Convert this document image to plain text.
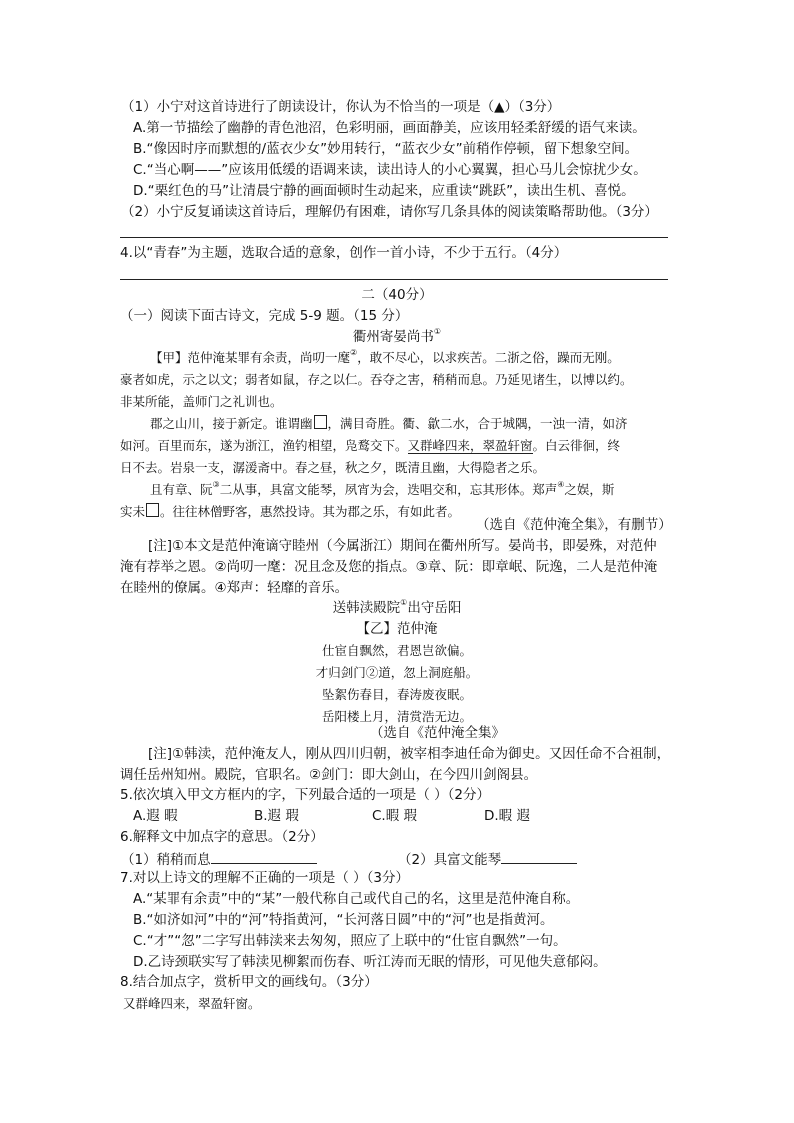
（1）小宁对这首诗进行了朗读设计，你认为不恰当的一项是（▲）（3分）
A.第一节描绘了幽静的青色池沼，色彩明丽，画面静美，应该用轻柔舒缓的语气来读。
B.“像因时序而默想的/蓝衣少女”妙用转行，“蓝衣少女”前稍作停顿，留下想象空间。
C.“当心啊——”应该用低缓的语调来读，读出诗人的小心翼翼，担心马儿会惊扰少女。
D.“栗红色的马”让清晨宁静的画面顿时生动起来，应重读“跳跃”，读出生机、喜悦。
（2）小宁反复诵读这首诗后，理解仍有困难，请你写几条具体的阅读策略帮助他。（3分）
4.以“青春”为主题，选取合适的意象，创作一首小诗，不少于五行。（4分）
二（40分）
（一）阅读下面古诗文，完成 5-9 题。（15 分）
衢州寄晏尚书①
【甲】范仲淹某罪有余责，尚叨一麾②，敢不尽心，以求疾苦。二浙之俗，躁而无刚。
豪者如虎，示之以文；弱者如鼠，存之以仁。吞夺之害，稍稍而息。乃延见诸生，以博以约。
非某所能，盖师门之礼训也。
郡之山川，接于新定。谁谓幽 ，满目奇胜。衢、歙二水，合于城隅，一浊一清，如济
如河。百里而东，遂为浙江，渔钓相望，凫鹜交下。又群峰四来，翠盈轩窗。白云徘徊，终
日不去。岩泉一支，潺湲斋中。春之昼，秋之夕，既清且幽，大得隐者之乐。
且有章、阮③二从事，具富文能琴，夙宵为会，迭唱交和，忘其形体。郑声④之娱，斯
实未 。往往林僧野客，惠然投诗。其为郡之乐，有如此者。
（选自《范仲淹全集》，有删节）
[注]①本文是范仲淹谪守睦州（今属浙江）期间在衢州所写。晏尚书，即晏殊，对范仲
淹有荐举之恩。②尚叨一麾：况且念及您的指点。③章、阮：即章岷、阮逸，二人是范仲淹
在睦州的僚属。④郑声：轻靡的音乐。
送韩渎殿院①出守岳阳
【乙】范仲淹
仕宦自飘然，君恩岂欲偏。
才归剑门②道，忽上洞庭船。
坠絮伤春目，春涛废夜眠。
岳阳楼上月，清赏浩无边。
（选自《范仲淹全集》
[注]①韩渎，范仲淹友人，刚从四川归朝，被宰相李迪任命为御史。又因任命不合祖制，
调任岳州知州。殿院，官职名。②剑门：即大剑山，在今四川剑阁县。
5.依次填入甲文方框内的字，下列最合适的一项是（ ）（2分）
A.遐 暇	B.遐 瑕	C.暇 瑕	D.暇 遐
6.解释文中加点字的意思。（2分）
（1）稍稍而息	（2）具富文能琴
7.对以上诗文的理解不正确的一项是（ ）（3分）
A.“某罪有余责”中的“某”一般代称自己或代自己的名，这里是范仲淹自称。
B.“如济如河”中的“河”特指黄河，“长河落日圆”中的“河”也是指黄河。
C.“才”“忽”二字写出韩渎来去匆匆，照应了上联中的“仕宦自飘然”一句。
D.乙诗颈联实写了韩渎见柳絮而伤春、听江涛而无眠的情形，可见他失意郁闷。
8.结合加点字，赏析甲文的画线句。（3分）
又群峰四来，翠盈轩窗。
